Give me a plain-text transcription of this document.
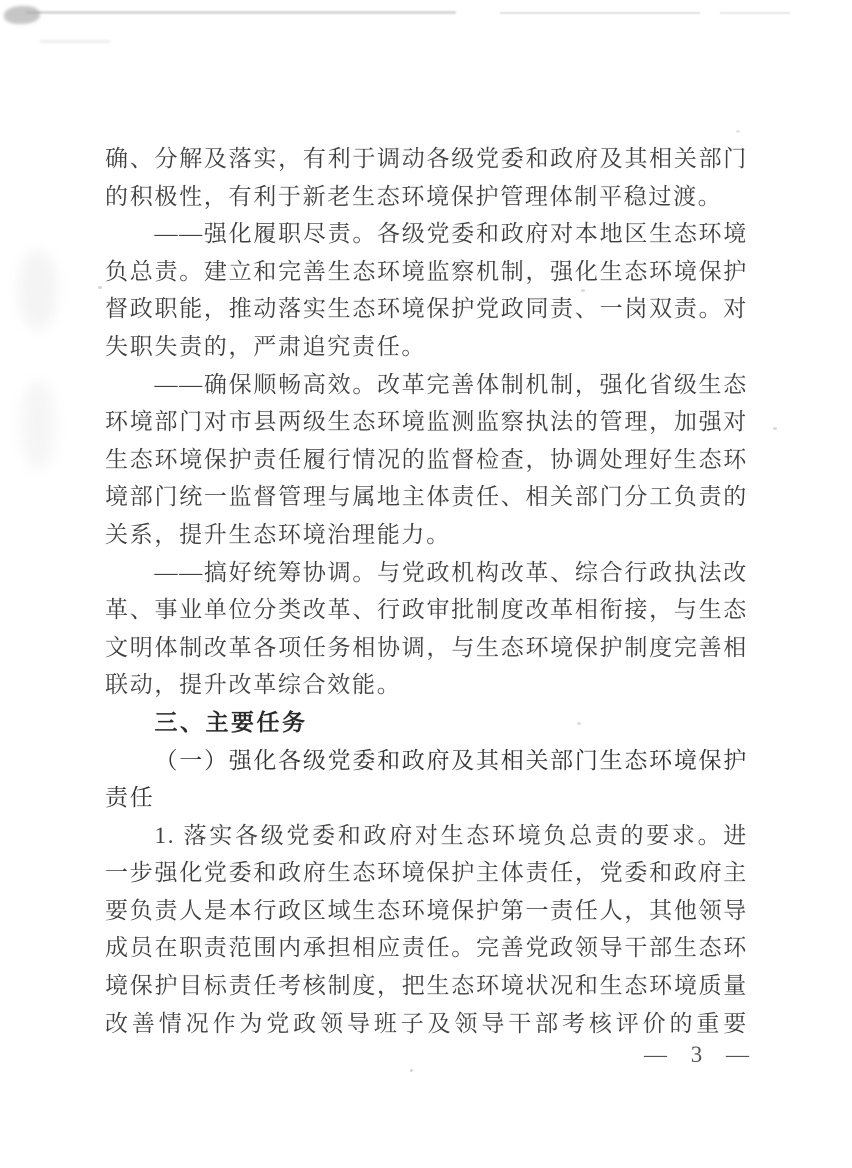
确、分解及落实，有利于调动各级党委和政府及其相关部门
的积极性，有利于新老生态环境保护管理体制平稳过渡。
——强化履职尽责。各级党委和政府对本地区生态环境
负总责。建立和完善生态环境监察机制，强化生态环境保护
督政职能，推动落实生态环境保护党政同责、一岗双责。对
失职失责的，严肃追究责任。
——确保顺畅高效。改革完善体制机制，强化省级生态
环境部门对市县两级生态环境监测监察执法的管理，加强对
生态环境保护责任履行情况的监督检查，协调处理好生态环
境部门统一监督管理与属地主体责任、相关部门分工负责的
关系，提升生态环境治理能力。
——搞好统筹协调。与党政机构改革、综合行政执法改
革、事业单位分类改革、行政审批制度改革相衔接，与生态
文明体制改革各项任务相协调，与生态环境保护制度完善相
联动，提升改革综合效能。
三、主要任务
（一）强化各级党委和政府及其相关部门生态环境保护
责任
1. 落实各级党委和政府对生态环境负总责的要求。进
一步强化党委和政府生态环境保护主体责任，党委和政府主
要负责人是本行政区域生态环境保护第一责任人，其他领导
成员在职责范围内承担相应责任。完善党政领导干部生态环
境保护目标责任考核制度，把生态环境状况和生态环境质量
改善情况作为党政领导班子及领导干部考核评价的重要
— 3 —
